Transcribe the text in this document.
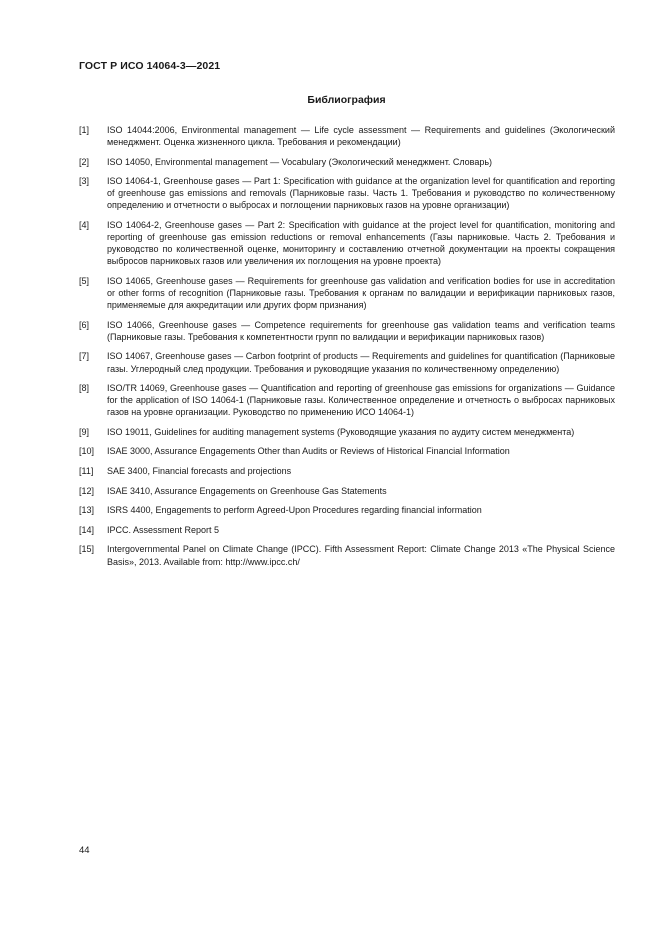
ГОСТ Р ИСО 14064-3—2021
Библиография
[1]	ISO 14044:2006, Environmental management — Life cycle assessment — Requirements and guidelines (Экологический менеджмент. Оценка жизненного цикла. Требования и рекомендации)
[2]	ISO 14050, Environmental management — Vocabulary (Экологический менеджмент. Словарь)
[3]	ISO 14064-1, Greenhouse gases — Part 1: Specification with guidance at the organization level for quantification and reporting of greenhouse gas emissions and removals (Парниковые газы. Часть 1. Требования и руководство по количественному определению и отчетности о выбросах и поглощении парниковых газов на уровне организации)
[4]	ISO 14064-2, Greenhouse gases — Part 2: Specification with guidance at the project level for quantification, monitoring and reporting of greenhouse gas emission reductions or removal enhancements (Газы парниковые. Часть 2. Требования и руководство по количественной оценке, мониторингу и составлению отчетной документации на проекты сокращения выбросов парниковых газов или увеличения их поглощения на уровне проекта)
[5]	ISO 14065, Greenhouse gases — Requirements for greenhouse gas validation and verification bodies for use in accreditation or other forms of recognition (Парниковые газы. Требования к органам по валидации и верификации парниковых газов, применяемые для аккредитации или других форм признания)
[6]	ISO 14066, Greenhouse gases — Competence requirements for greenhouse gas validation teams and verification teams (Парниковые газы. Требования к компетентности групп по валидации и верификации парниковых газов)
[7]	ISO 14067, Greenhouse gases — Carbon footprint of products — Requirements and guidelines for quantification (Парниковые газы. Углеродный след продукции. Требования и руководящие указания по количественному определению)
[8]	ISO/TR 14069, Greenhouse gases — Quantification and reporting of greenhouse gas emissions for organizations — Guidance for the application of ISO 14064-1 (Парниковые газы. Количественное определение и отчетность о выбросах парниковых газов на уровне организации. Руководство по применению ИСО 14064-1)
[9]	ISO 19011, Guidelines for auditing management systems (Руководящие указания по аудиту систем менеджмента)
[10]	ISAE 3000, Assurance Engagements Other than Audits or Reviews of Historical Financial Information
[11]	SAE 3400, Financial forecasts and projections
[12]	ISAE 3410, Assurance Engagements on Greenhouse Gas Statements
[13]	ISRS 4400, Engagements to perform Agreed-Upon Procedures regarding financial information
[14]	IPCC. Assessment Report 5
[15]	Intergovernmental Panel on Climate Change (IPCC). Fifth Assessment Report: Climate Change 2013 «The Physical Science Basis», 2013. Available from: http://www.ipcc.ch/
44
